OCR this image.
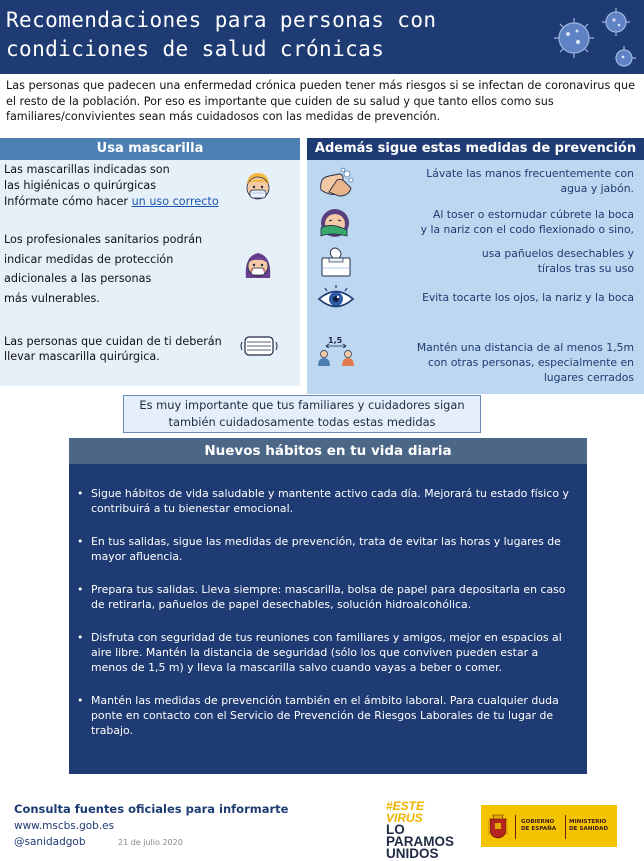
Recomendaciones para personas con
condiciones de salud crónicas
Las personas que padecen una enfermedad crónica pueden tener más riesgos si se infectan de coronavirus que el resto de la población. Por eso es importante que cuiden de su salud y que tanto ellos como sus familiares/convivientes sean más cuidadosos con las medidas de prevención.
Usa mascarilla
Las mascarillas indicadas son
las higiénicas o quirúrgicas
Infórmate cómo hacer un uso correcto
Los profesionales sanitarios podrán
indicar medidas de protección
adicionales a las personas
más vulnerables.
Las personas que cuidan de ti deberán
llevar mascarilla quirúrgica.
Además sigue estas medidas de prevención
Lávate las manos frecuentemente con
agua y jabón.
Al toser o estornudar cúbrete la boca
y la nariz con el codo flexionado o sino,
usa pañuelos desechables y
tíralos tras su uso
Evita tocarte los ojos, la nariz y la boca
1,5
Mantén una distancia de al menos 1,5m
con otras personas, especialmente en
lugares cerrados
Es muy importante que tus familiares y cuidadores sigan
también cuidadosamente todas estas medidas
Nuevos hábitos en tu vida diaria
• Sigue hábitos de vida saludable y mantente activo cada día. Mejorará tu estado físico y contribuirá a tu bienestar emocional.
• En tus salidas, sigue las medidas de prevención, trata de evitar las horas y lugares de mayor afluencia.
• Prepara tus salidas. Lleva siempre: mascarilla, bolsa de papel para depositarla en caso de retirarla, pañuelos de papel desechables, solución hidroalcohólica.
• Disfruta con seguridad de tus reuniones con familiares y amigos, mejor en espacios al aire libre. Mantén la distancia de seguridad (sólo los que conviven pueden estar a menos de 1,5 m) y lleva la mascarilla salvo cuando vayas a beber o comer.
• Mantén las medidas de prevención también en el ámbito laboral. Para cualquier duda ponte en contacto con el Servicio de Prevención de Riesgos Laborales de tu lugar de trabajo.
Consulta fuentes oficiales para informarte
www.mscbs.gob.es
@sanidadgob	21 de julio 2020
#ESTE
VIRUS
LO
PARAMOS
UNIDOS
GOBIERNO
DE ESPAÑA
MINISTERIO
DE SANIDAD
